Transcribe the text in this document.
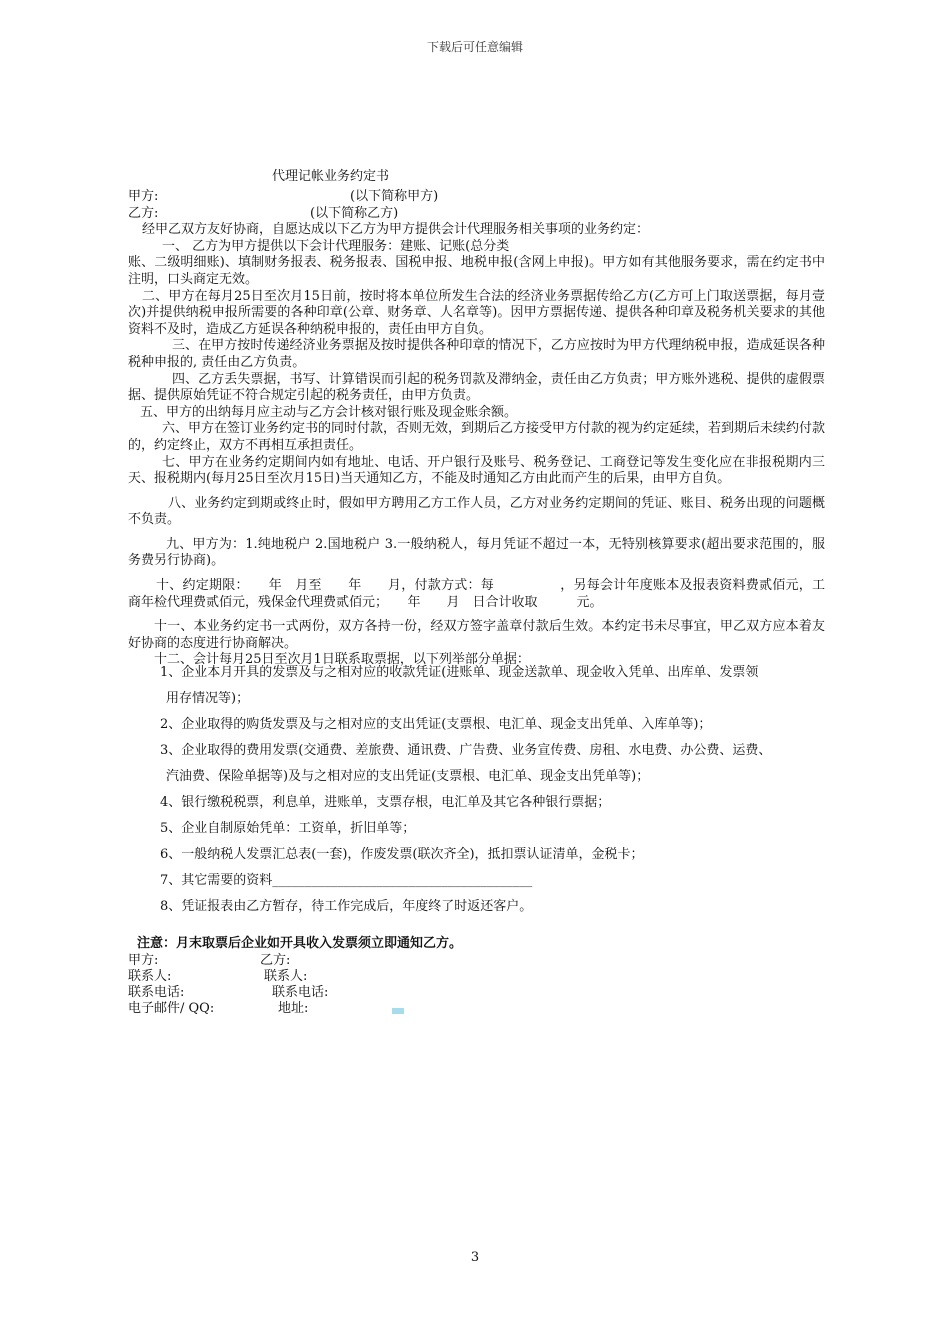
下载后可任意编辑
代理记帐业务约定书

甲方:	(以下简称甲方)

乙方:	(以下简称乙方)

经甲乙双方友好协商，自愿达成以下乙方为甲方提供会计代理服务相关事项的业务约定：

一、 乙方为甲方提供以下会计代理服务：建账、记账(总分类

账、二级明细账)、填制财务报表、税务报表、国税申报、地税申报(含网上申报)。甲方如有其他服务要求，需在约定书中注明，口头商定无效。

二、甲方在每月25日至次月15日前，按时将本单位所发生合法的经济业务票据传给乙方(乙方可上门取送票据，每月壹次)并提供纳税申报所需要的各种印章(公章、财务章、人名章等)。因甲方票据传递、提供各种印章及税务机关要求的其他资料不及时，造成乙方延误各种纳税申报的，责任由甲方自负。

三、在甲方按时传递经济业务票据及按时提供各种印章的情况下，乙方应按时为甲方代理纳税申报，造成延误各种税种申报的, 责任由乙方负责。

四、乙方丢失票据，书写、计算错误而引起的税务罚款及滞纳金，责任由乙方负责；甲方账外逃税、提供的虚假票据、提供原始凭证不符合规定引起的税务责任，由甲方负责。

五、甲方的出纳每月应主动与乙方会计核对银行账及现金账余额。

六、甲方在签订业务约定书的同时付款，否则无效，到期后乙方接受甲方付款的视为约定延续，若到期后未续约付款的，约定终止，双方不再相互承担责任。

七、甲方在业务约定期间内如有地址、电话、开户银行及账号、税务登记、工商登记等发生变化应在非报税期内三天、报税期内(每月25日至次月15日)当天通知乙方，不能及时通知乙方由此而产生的后果，由甲方自负。

八、业务约定到期或终止时，假如甲方聘用乙方工作人员，乙方对业务约定期间的凭证、账目、税务出现的问题概不负责。

九、甲方为：1.纯地税户 2.国地税户 3.一般纳税人，每月凭证不超过一本，无特别核算要求(超出要求范围的，服务费另行协商)。

十、约定期限：　　年　月至　　年　　月，付款方式：每　　　　　，另每会计年度账本及报表资料费贰佰元，工商年检代理费贰佰元，残保金代理费贰佰元；　　年　　月　日合计收取　　　元。

十一、本业务约定书一式两份，双方各持一份，经双方签字盖章付款后生效。本约定书未尽事宜，甲乙双方应本着友好协商的态度进行协商解决。

十二、会计每月25日至次月1日联系取票据，以下列举部分单据：

1、企业本月开具的发票及与之相对应的收款凭证(进账单、现金送款单、现金收入凭单、出库单、发票领

用存情况等)；

2、企业取得的购货发票及与之相对应的支出凭证(支票根、电汇单、现金支出凭单、入库单等)；

3、企业取得的费用发票(交通费、差旅费、通讯费、广告费、业务宣传费、房租、水电费、办公费、运费、

汽油费、保险单据等)及与之相对应的支出凭证(支票根、电汇单、现金支出凭单等)；

4、银行缴税税票，利息单，进账单，支票存根，电汇单及其它各种银行票据；

5、企业自制原始凭单：工资单，折旧单等；

6、一般纳税人发票汇总表(一套)，作废发票(联次齐全)，抵扣票认证清单，金税卡；

7、其它需要的资料________________________________________

8、凭证报表由乙方暂存，待工作完成后，年度终了时返还客户。

注意：月末取票后企业如开具收入发票须立即通知乙方。
甲方:	乙方:
联系人:	联系人:
联系电话:	联系电话:
电子邮件/ QQ:	地址:
3
